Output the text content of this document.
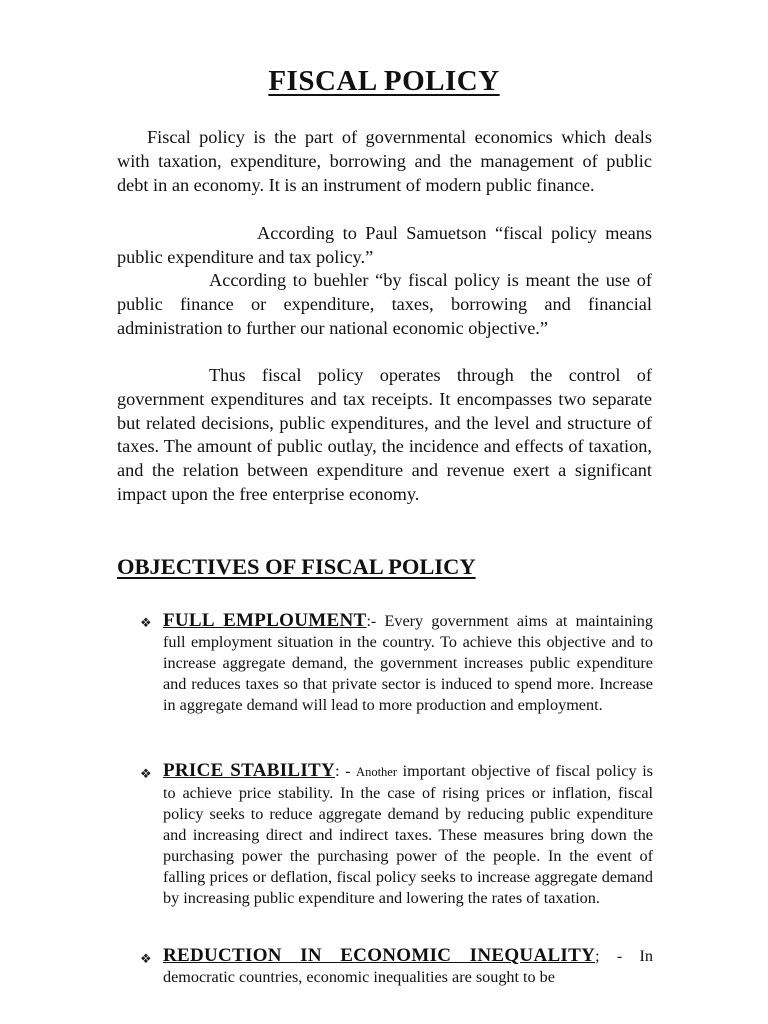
FISCAL POLICY

Fiscal policy is the part of governmental economics which deals with taxation, expenditure, borrowing and the management of public debt in an economy. It is an instrument of modern public finance.

According to Paul Samuetson “fiscal policy means public expenditure and tax policy.”

According to buehler “by fiscal policy is meant the use of public finance or expenditure, taxes, borrowing and financial administration to further our national economic objective.”

Thus fiscal policy operates through the control of government expenditures and tax receipts. It encompasses two separate but related decisions, public expenditures, and the level and structure of taxes. The amount of public outlay, the incidence and effects of taxation, and the relation between expenditure and revenue exert a significant impact upon the free enterprise economy.

OBJECTIVES OF FISCAL POLICY
❖ FULL EMPLOUMENT:- Every government aims at maintaining full employment situation in the country. To achieve this objective and to increase aggregate demand, the government increases public expenditure and reduces taxes so that private sector is induced to spend more. Increase in aggregate demand will lead to more production and employment.

❖ PRICE STABILITY: - Another important objective of fiscal policy is to achieve price stability. In the case of rising prices or inflation, fiscal policy seeks to reduce aggregate demand by reducing public expenditure and increasing direct and indirect taxes. These measures bring down the purchasing power the purchasing power of the people. In the event of falling prices or deflation, fiscal policy seeks to increase aggregate demand by increasing public expenditure and lowering the rates of taxation.

❖ REDUCTION IN ECONOMIC INEQUALITY; - In democratic countries, economic inequalities are sought to be
